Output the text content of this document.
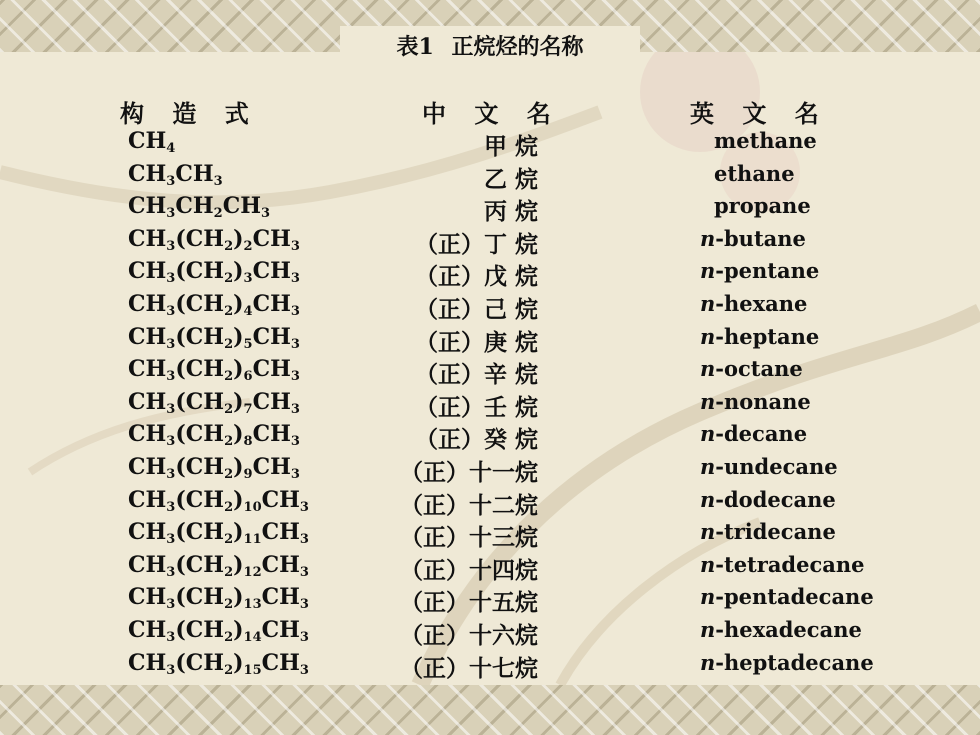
表1 正烷烃的名称
构 造 式	中 文 名	英 文 名
$CH_4$	甲 烷	methane
$CH_3CH_3$	乙 烷	ethane
$CH_3CH_2CH_3$	丙 烷	propane
$CH_3(CH_2)_2CH_3$	（正）丁 烷	n-butane
$CH_3(CH_2)_3CH_3$	（正）戊 烷	n-pentane
$CH_3(CH_2)_4CH_3$	（正）己 烷	n-hexane
$CH_3(CH_2)_5CH_3$	（正）庚 烷	n-heptane
$CH_3(CH_2)_6CH_3$	（正）辛 烷	n-octane
$CH_3(CH_2)_7CH_3$	（正）壬 烷	n-nonane
$CH_3(CH_2)_8CH_3$	（正）癸 烷	n-decane
$CH_3(CH_2)_9CH_3$	（正）十一烷	n-undecane
$CH_3(CH_2)_{10}CH_3$	（正）十二烷	n-dodecane
$CH_3(CH_2)_{11}CH_3$	（正）十三烷	n-tridecane
$CH_3(CH_2)_{12}CH_3$	（正）十四烷	n-tetradecane
$CH_3(CH_2)_{13}CH_3$	（正）十五烷	n-pentadecane
$CH_3(CH_2)_{14}CH_3$	（正）十六烷	n-hexadecane
$CH_3(CH_2)_{15}CH_3$	（正）十七烷	n-heptadecane
